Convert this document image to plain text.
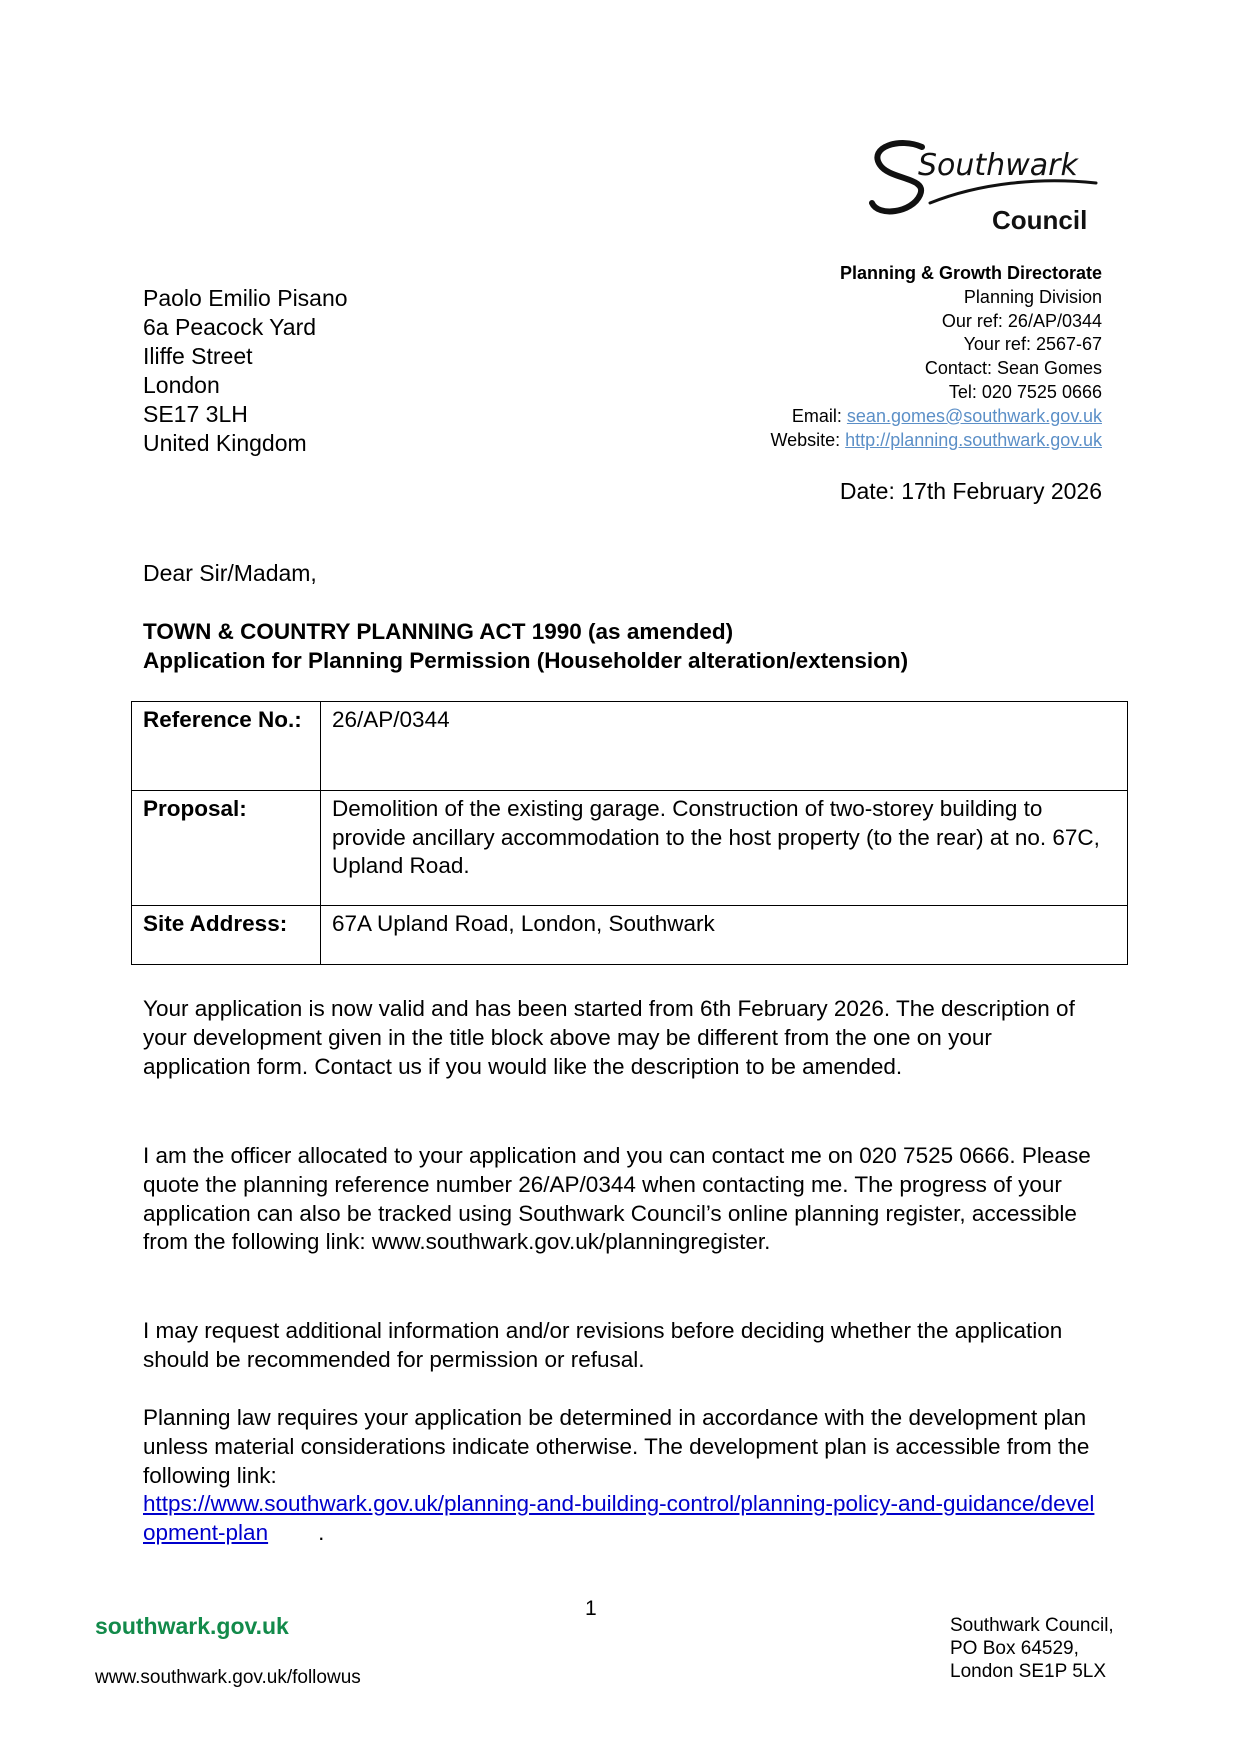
Southwark
Council
Planning & Growth Directorate
Planning Division
Our ref: 26/AP/0344
Your ref: 2567-67
Contact: Sean Gomes
Tel: 020 7525 0666
Email: sean.gomes@southwark.gov.uk
Website: http://planning.southwark.gov.uk
Paolo Emilio Pisano
6a Peacock Yard
Iliffe Street
London
SE17 3LH
United Kingdom
Date: 17th February 2026
Dear Sir/Madam,
TOWN & COUNTRY PLANNING ACT 1990 (as amended)
Application for Planning Permission (Householder alteration/extension)
Reference No.:	26/AP/0344
Proposal:	Demolition of the existing garage. Construction of two-storey building to provide ancillary accommodation to the host property (to the rear) at no. 67C, Upland Road.
Site Address:	67A Upland Road, London, Southwark
Your application is now valid and has been started from 6th February 2026. The description of your development given in the title block above may be different from the one on your application form. Contact us if you would like the description to be amended.
I am the officer allocated to your application and you can contact me on 020 7525 0666. Please quote the planning reference number 26/AP/0344 when contacting me. The progress of your application can also be tracked using Southwark Council’s online planning register, accessible from the following link: www.southwark.gov.uk/planningregister.
I may request additional information and/or revisions before deciding whether the application should be recommended for permission or refusal.
Planning law requires your application be determined in accordance with the development plan unless material considerations indicate otherwise. The development plan is accessible from the following link:
https://www.southwark.gov.uk/planning-and-building-control/planning-policy-and-guidance/development-plan        .
1
southwark.gov.uk
www.southwark.gov.uk/followus
Southwark Council,
PO Box 64529,
London SE1P 5LX
